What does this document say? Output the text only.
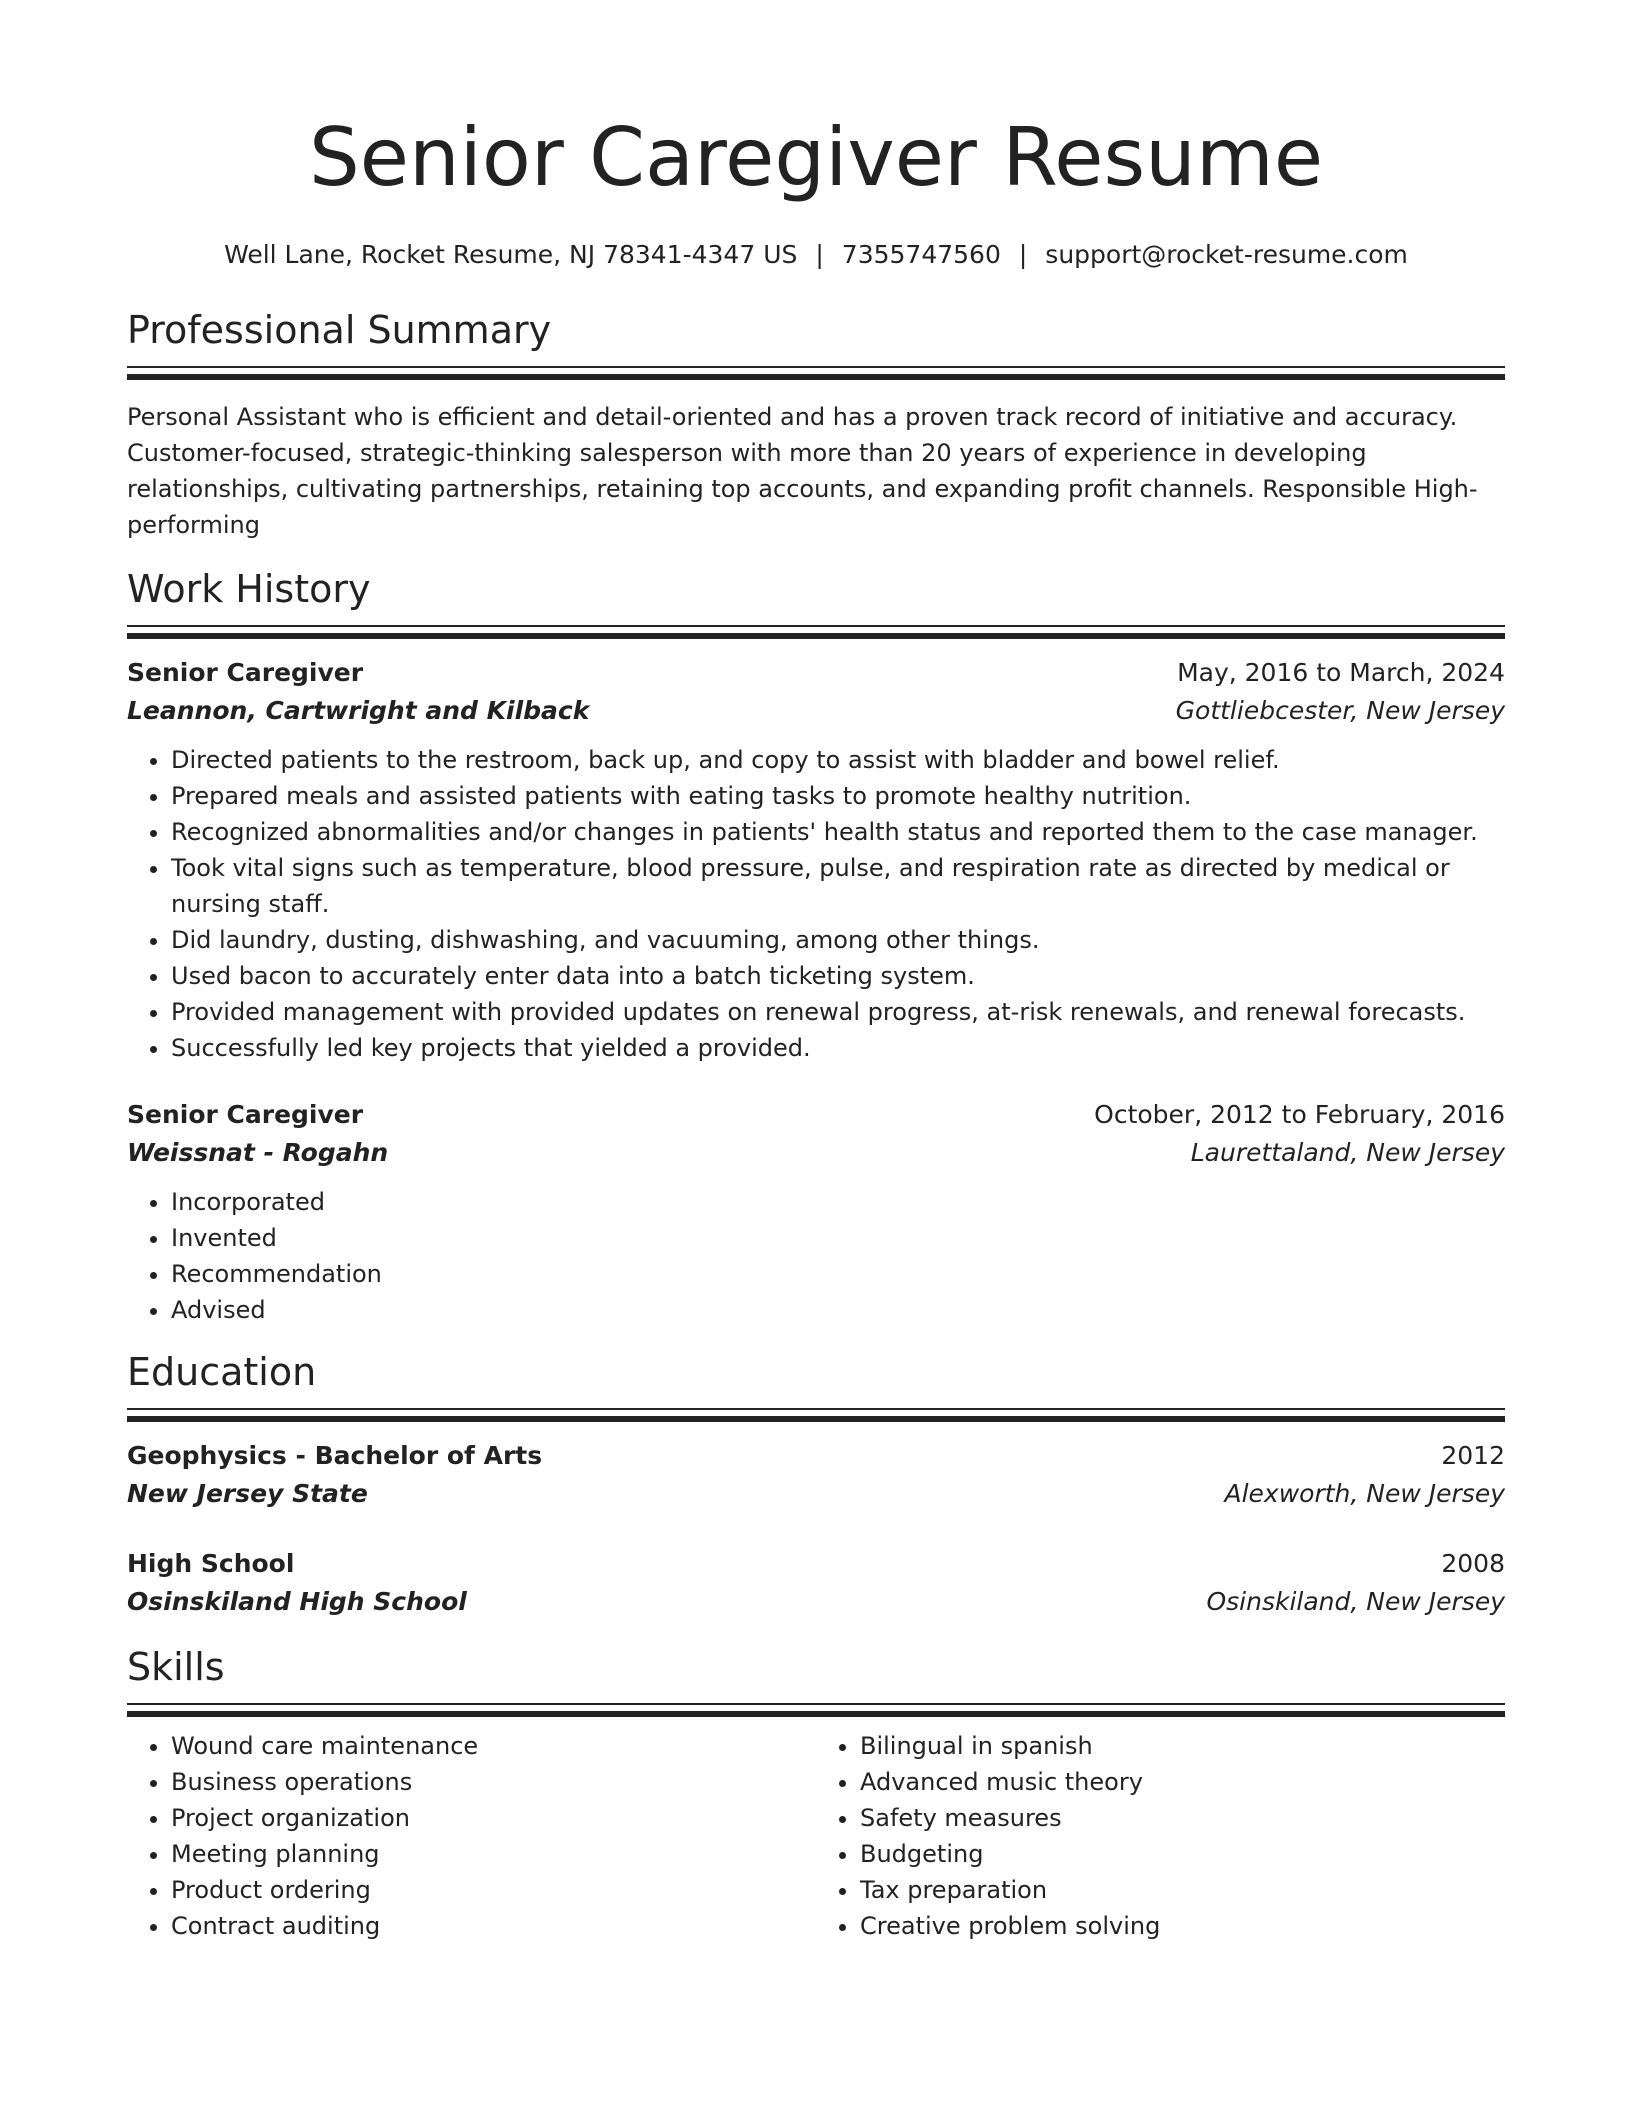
Senior Caregiver Resume
Well Lane, Rocket Resume, NJ 78341-4347 US | 7355747560 | support@rocket-resume.com
Professional Summary
Personal Assistant who is efficient and detail-oriented and has a proven track record of initiative and accuracy. Customer-focused, strategic-thinking salesperson with more than 20 years of experience in developing relationships, cultivating partnerships, retaining top accounts, and expanding profit channels. Responsible High-performing
Work History
Senior Caregiver	May, 2016 to March, 2024
Leannon, Cartwright and Kilback	Gottliebcester, New Jersey
• Directed patients to the restroom, back up, and copy to assist with bladder and bowel relief.
• Prepared meals and assisted patients with eating tasks to promote healthy nutrition.
• Recognized abnormalities and/or changes in patients' health status and reported them to the case manager.
• Took vital signs such as temperature, blood pressure, pulse, and respiration rate as directed by medical or nursing staff.
• Did laundry, dusting, dishwashing, and vacuuming, among other things.
• Used bacon to accurately enter data into a batch ticketing system.
• Provided management with provided updates on renewal progress, at-risk renewals, and renewal forecasts.
• Successfully led key projects that yielded a provided.
Senior Caregiver	October, 2012 to February, 2016
Weissnat - Rogahn	Laurettaland, New Jersey
• Incorporated
• Invented
• Recommendation
• Advised
Education
Geophysics - Bachelor of Arts	2012
New Jersey State	Alexworth, New Jersey
High School	2008
Osinskiland High School	Osinskiland, New Jersey
Skills
• Wound care maintenance
• Business operations
• Project organization
• Meeting planning
• Product ordering
• Contract auditing
• Bilingual in spanish
• Advanced music theory
• Safety measures
• Budgeting
• Tax preparation
• Creative problem solving
